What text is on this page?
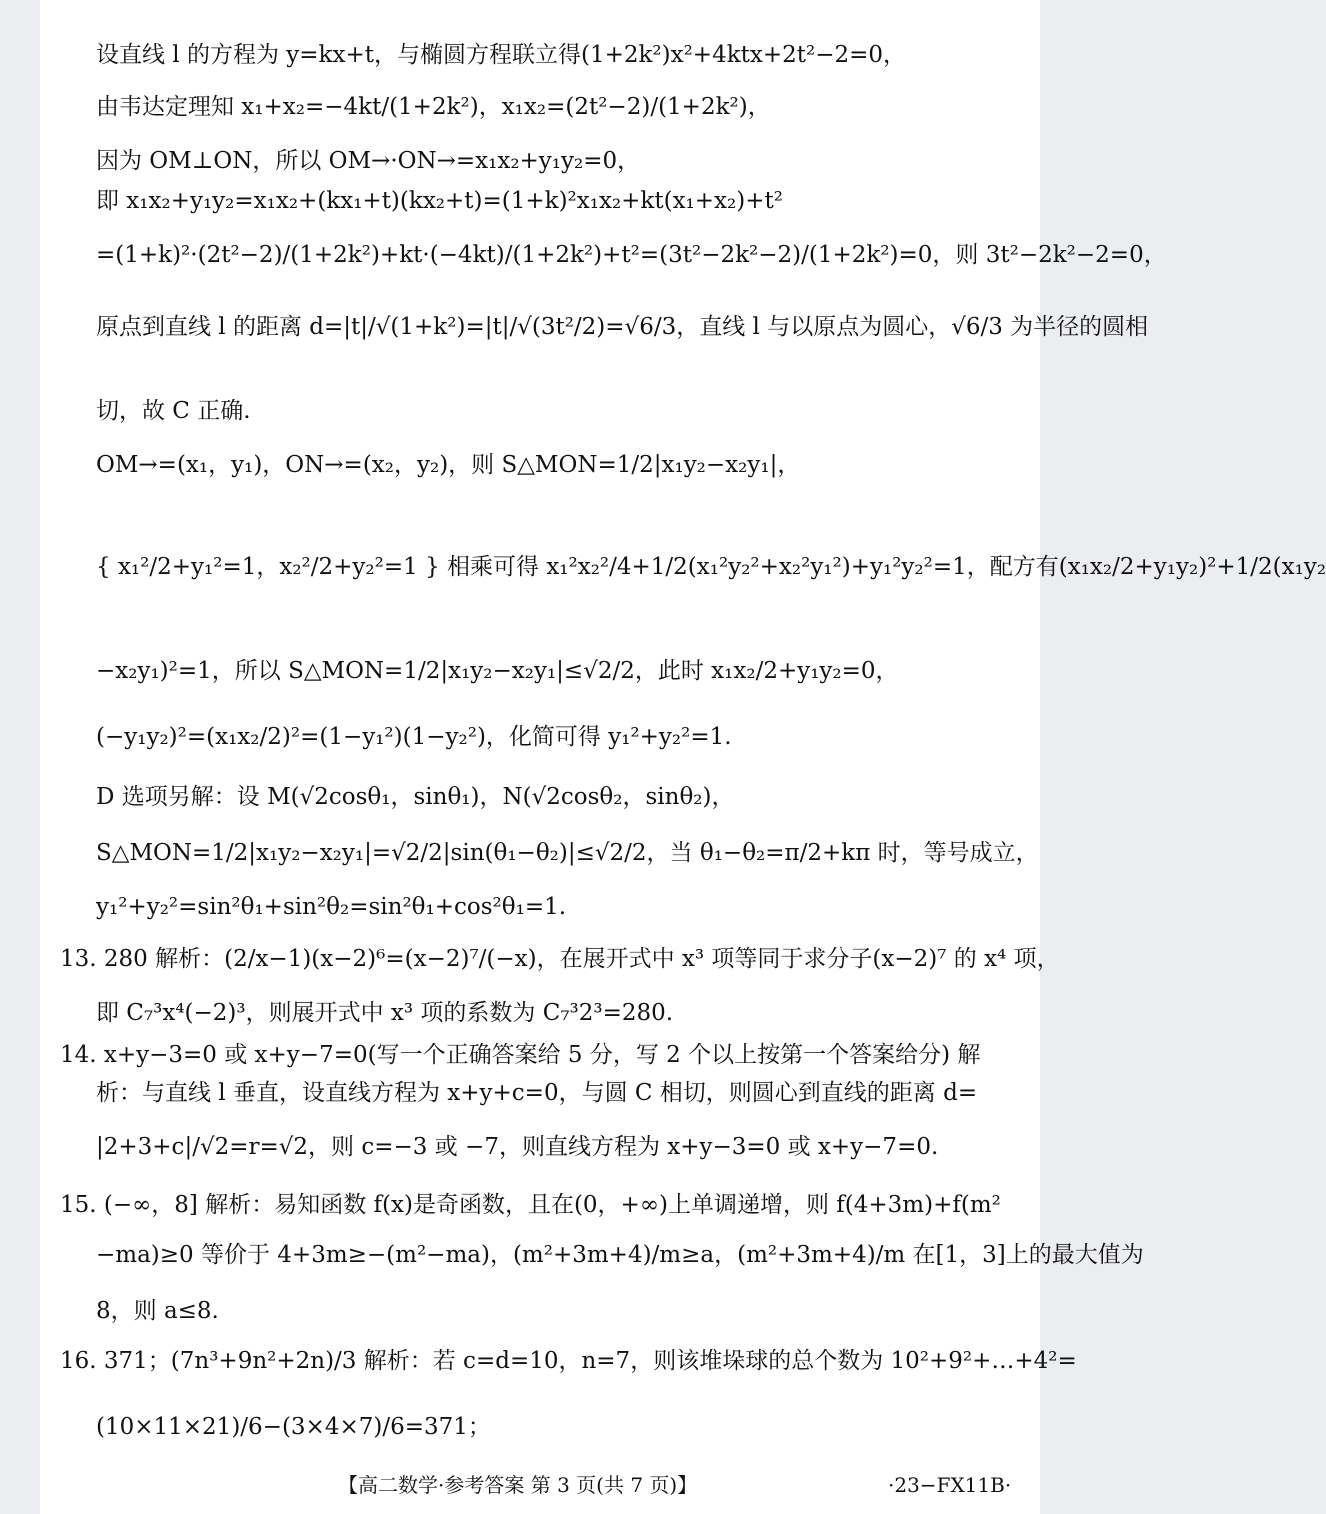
设直线 l 的方程为 y=kx+t，与椭圆方程联立得(1+2k²)x²+4ktx+2t²−2=0，
由韦达定理知 x₁+x₂=−4kt/(1+2k²)，x₁x₂=(2t²−2)/(1+2k²)，
因为 OM⊥ON，所以 OM→·ON→=x₁x₂+y₁y₂=0，
即 x₁x₂+y₁y₂=x₁x₂+(kx₁+t)(kx₂+t)=(1+k)²x₁x₂+kt(x₁+x₂)+t²
=(1+k)²·(2t²−2)/(1+2k²)+kt·(−4kt)/(1+2k²)+t²=(3t²−2k²−2)/(1+2k²)=0，则 3t²−2k²−2=0，
原点到直线 l 的距离 d=|t|/√(1+k²)=|t|/√(3t²/2)=√6/3，直线 l 与以原点为圆心，√6/3 为半径的圆相
切，故 C 正确.
OM→=(x₁，y₁)，ON→=(x₂，y₂)，则 S△MON=1/2|x₁y₂−x₂y₁|，
{ x₁²/2+y₁²=1，x₂²/2+y₂²=1 } 相乘可得 x₁²x₂²/4+1/2(x₁²y₂²+x₂²y₁²)+y₁²y₂²=1，配方有(x₁x₂/2+y₁y₂)²+1/2(x₁y₂
−x₂y₁)²=1，所以 S△MON=1/2|x₁y₂−x₂y₁|≤√2/2，此时 x₁x₂/2+y₁y₂=0，
(−y₁y₂)²=(x₁x₂/2)²=(1−y₁²)(1−y₂²)，化简可得 y₁²+y₂²=1.
D 选项另解：设 M(√2cosθ₁，sinθ₁)，N(√2cosθ₂，sinθ₂)，
S△MON=1/2|x₁y₂−x₂y₁|=√2/2|sin(θ₁−θ₂)|≤√2/2，当 θ₁−θ₂=π/2+kπ 时，等号成立，
y₁²+y₂²=sin²θ₁+sin²θ₂=sin²θ₁+cos²θ₁=1.
13. 280 解析：(2/x−1)(x−2)⁶=(x−2)⁷/(−x)，在展开式中 x³ 项等同于求分子(x−2)⁷ 的 x⁴ 项，
即 C₇³x⁴(−2)³，则展开式中 x³ 项的系数为 C₇³2³=280.
14. x+y−3=0 或 x+y−7=0(写一个正确答案给 5 分，写 2 个以上按第一个答案给分) 解
析：与直线 l 垂直，设直线方程为 x+y+c=0，与圆 C 相切，则圆心到直线的距离 d=
|2+3+c|/√2=r=√2，则 c=−3 或 −7，则直线方程为 x+y−3=0 或 x+y−7=0.
15. (−∞，8] 解析：易知函数 f(x)是奇函数，且在(0，+∞)上单调递增，则 f(4+3m)+f(m²
−ma)≥0 等价于 4+3m≥−(m²−ma)，(m²+3m+4)/m≥a，(m²+3m+4)/m 在[1，3]上的最大值为
8，则 a≤8.
16. 371；(7n³+9n²+2n)/3 解析：若 c=d=10，n=7，则该堆垛球的总个数为 10²+9²+…+4²=
(10×11×21)/6−(3×4×7)/6=371；
【高二数学·参考答案 第 3 页(共 7 页)】	·23−FX11B·
